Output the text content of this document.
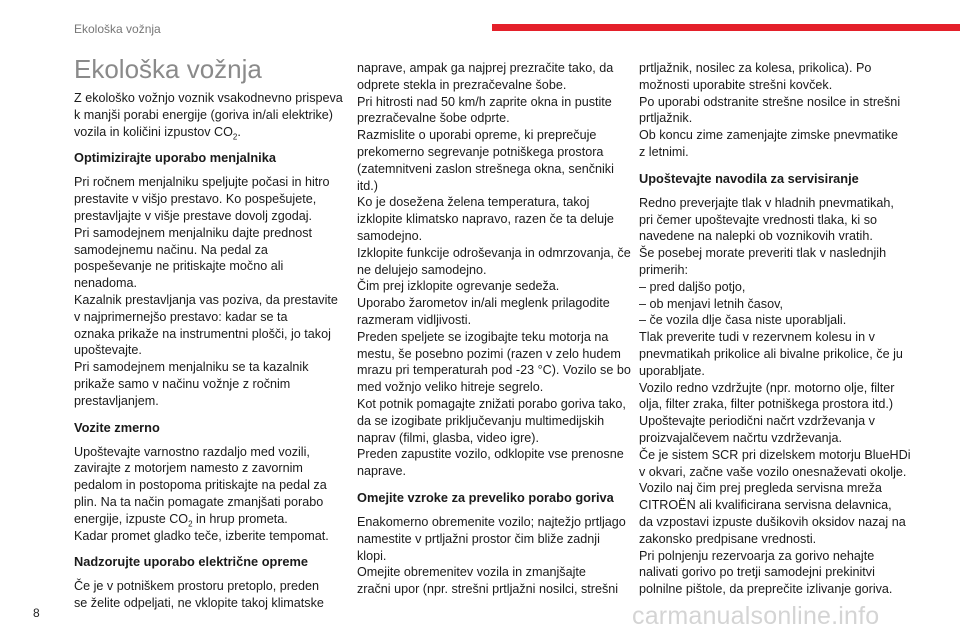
Ekološka vožnja
Ekološka vožnja
Z ekološko vožnjo voznik vsakodnevno prispeva
k manjši porabi energije (goriva in/ali elektrike)
vozila in količini izpustov $CO_2$.
Optimizirajte uporabo menjalnika
Pri ročnem menjalniku speljujte počasi in hitro
prestavite v višjo prestavo. Ko pospešujete,
prestavljajte v višje prestave dovolj zgodaj.
Pri samodejnem menjalniku dajte prednost
samodejnemu načinu. Na pedal za
pospeševanje ne pritiskajte močno ali
nenadoma.
Kazalnik prestavljanja vas poziva, da prestavite
v najprimernejšo prestavo: kadar se ta
oznaka prikaže na instrumentni plošči, jo takoj
upoštevajte.
Pri samodejnem menjalniku se ta kazalnik
prikaže samo v načinu vožnje z ročnim
prestavljanjem.
Vozite zmerno
Upoštevajte varnostno razdaljo med vozili,
zavirajte z motorjem namesto z zavornim
pedalom in postopoma pritiskajte na pedal za
plin. Na ta način pomagate zmanjšati porabo
energije, izpuste $CO_2$ in hrup prometa.
Kadar promet gladko teče, izberite tempomat.
Nadzorujte uporabo električne opreme
Če je v potniškem prostoru pretoplo, preden
se želite odpeljati, ne vklopite takoj klimatske
naprave, ampak ga najprej prezračite tako, da
odprete stekla in prezračevalne šobe.
Pri hitrosti nad 50 km/h zaprite okna in pustite
prezračevalne šobe odprte.
Razmislite o uporabi opreme, ki preprečuje
prekomerno segrevanje potniškega prostora
(zatemnitveni zaslon strešnega okna, senčniki
itd.)
Ko je dosežena želena temperatura, takoj
izklopite klimatsko napravo, razen če ta deluje
samodejno.
Izklopite funkcije odroševanja in odmrzovanja, če
ne delujejo samodejno.
Čim prej izklopite ogrevanje sedeža.
Uporabo žarometov in/ali meglenk prilagodite
razmeram vidljivosti.
Preden speljete se izogibajte teku motorja na
mestu, še posebno pozimi (razen v zelo hudem
mrazu pri temperaturah pod -23 °C). Vozilo se bo
med vožnjo veliko hitreje segrelo.
Kot potnik pomagajte znižati porabo goriva tako,
da se izogibate priključevanju multimedijskih
naprav (filmi, glasba, video igre).
Preden zapustite vozilo, odklopite vse prenosne
naprave.
Omejite vzroke za preveliko porabo goriva
Enakomerno obremenite vozilo; najtežjo prtljago
namestite v prtljažni prostor čim bliže zadnji
klopi.
Omejite obremenitev vozila in zmanjšajte
zračni upor (npr. strešni prtljažni nosilci, strešni
prtljažnik, nosilec za kolesa, prikolica). Po
možnosti uporabite strešni kovček.
Po uporabi odstranite strešne nosilce in strešni
prtljažnik.
Ob koncu zime zamenjajte zimske pnevmatike
z letnimi.
Upoštevajte navodila za servisiranje
Redno preverjajte tlak v hladnih pnevmatikah,
pri čemer upoštevajte vrednosti tlaka, ki so
navedene na nalepki ob voznikovih vratih.
Še posebej morate preveriti tlak v naslednjih
primerih:
– pred daljšo potjo,
– ob menjavi letnih časov,
– če vozila dlje časa niste uporabljali.
Tlak preverite tudi v rezervnem kolesu in v
pnevmatikah prikolice ali bivalne prikolice, če ju
uporabljate.
Vozilo redno vzdržujte (npr. motorno olje, filter
olja, filter zraka, filter potniškega prostora itd.)
Upoštevajte periodični načrt vzdrževanja v
proizvajalčevem načrtu vzdrževanja.
Če je sistem SCR pri dizelskem motorju BlueHDi
v okvari, začne vaše vozilo onesnaževati okolje.
Vozilo naj čim prej pregleda servisna mreža
CITROËN ali kvalificirana servisna delavnica,
da vzpostavi izpuste dušikovih oksidov nazaj na
zakonsko predpisane vrednosti.
Pri polnjenju rezervoarja za gorivo nehajte
nalivati gorivo po tretji samodejni prekinitvi
polnilne pištole, da preprečite izlivanje goriva.
8	carmanualsonline.info
